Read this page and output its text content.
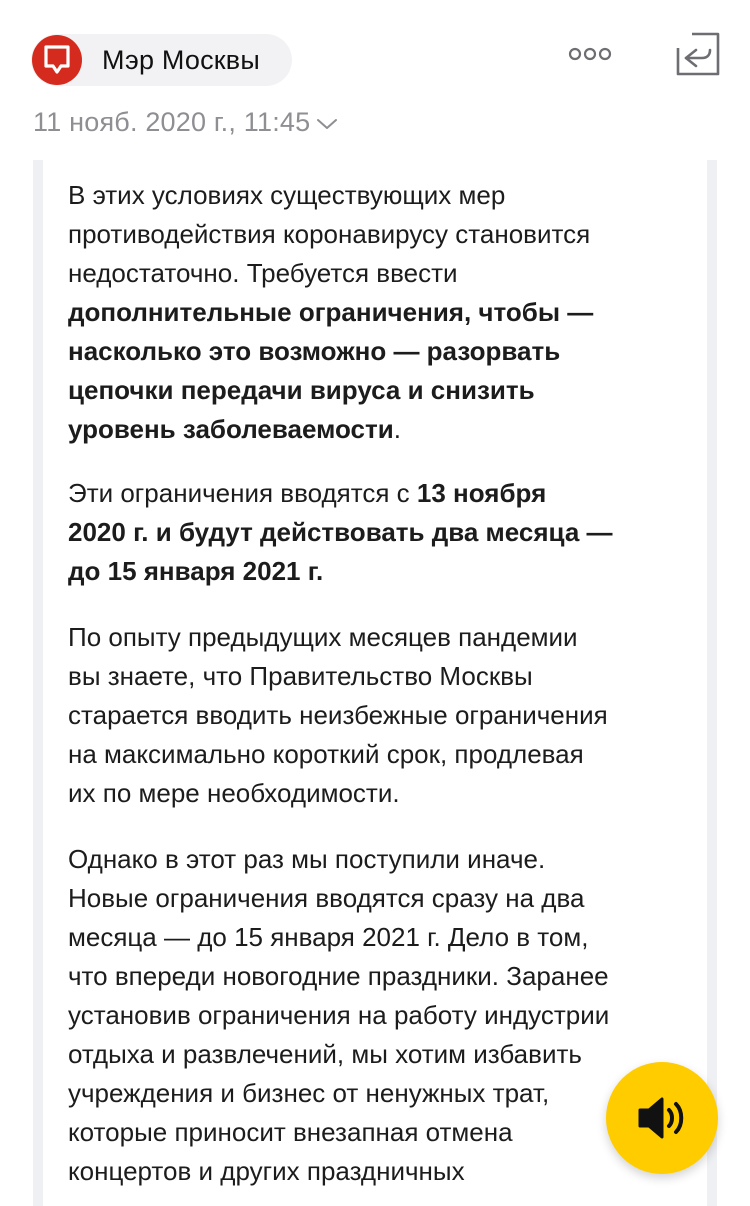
Мэр Москвы
11 нояб. 2020 г., 11:45

В этих условиях существующих мер
противодействия коронавирусу становится
недостаточно. Требуется ввести
дополнительные ограничения, чтобы —
насколько это возможно — разорвать
цепочки передачи вируса и снизить
уровень заболеваемости.

Эти ограничения вводятся с 13 ноября
2020 г. и будут действовать два месяца —
до 15 января 2021 г.

По опыту предыдущих месяцев пандемии
вы знаете, что Правительство Москвы
старается вводить неизбежные ограничения
на максимально короткий срок, продлевая
их по мере необходимости.

Однако в этот раз мы поступили иначе.
Новые ограничения вводятся сразу на два
месяца — до 15 января 2021 г. Дело в том,
что впереди новогодние праздники. Заранее
установив ограничения на работу индустрии
отдыха и развлечений, мы хотим избавить
учреждения и бизнес от ненужных трат,
которые приносит внезапная отмена
концертов и других праздничных
